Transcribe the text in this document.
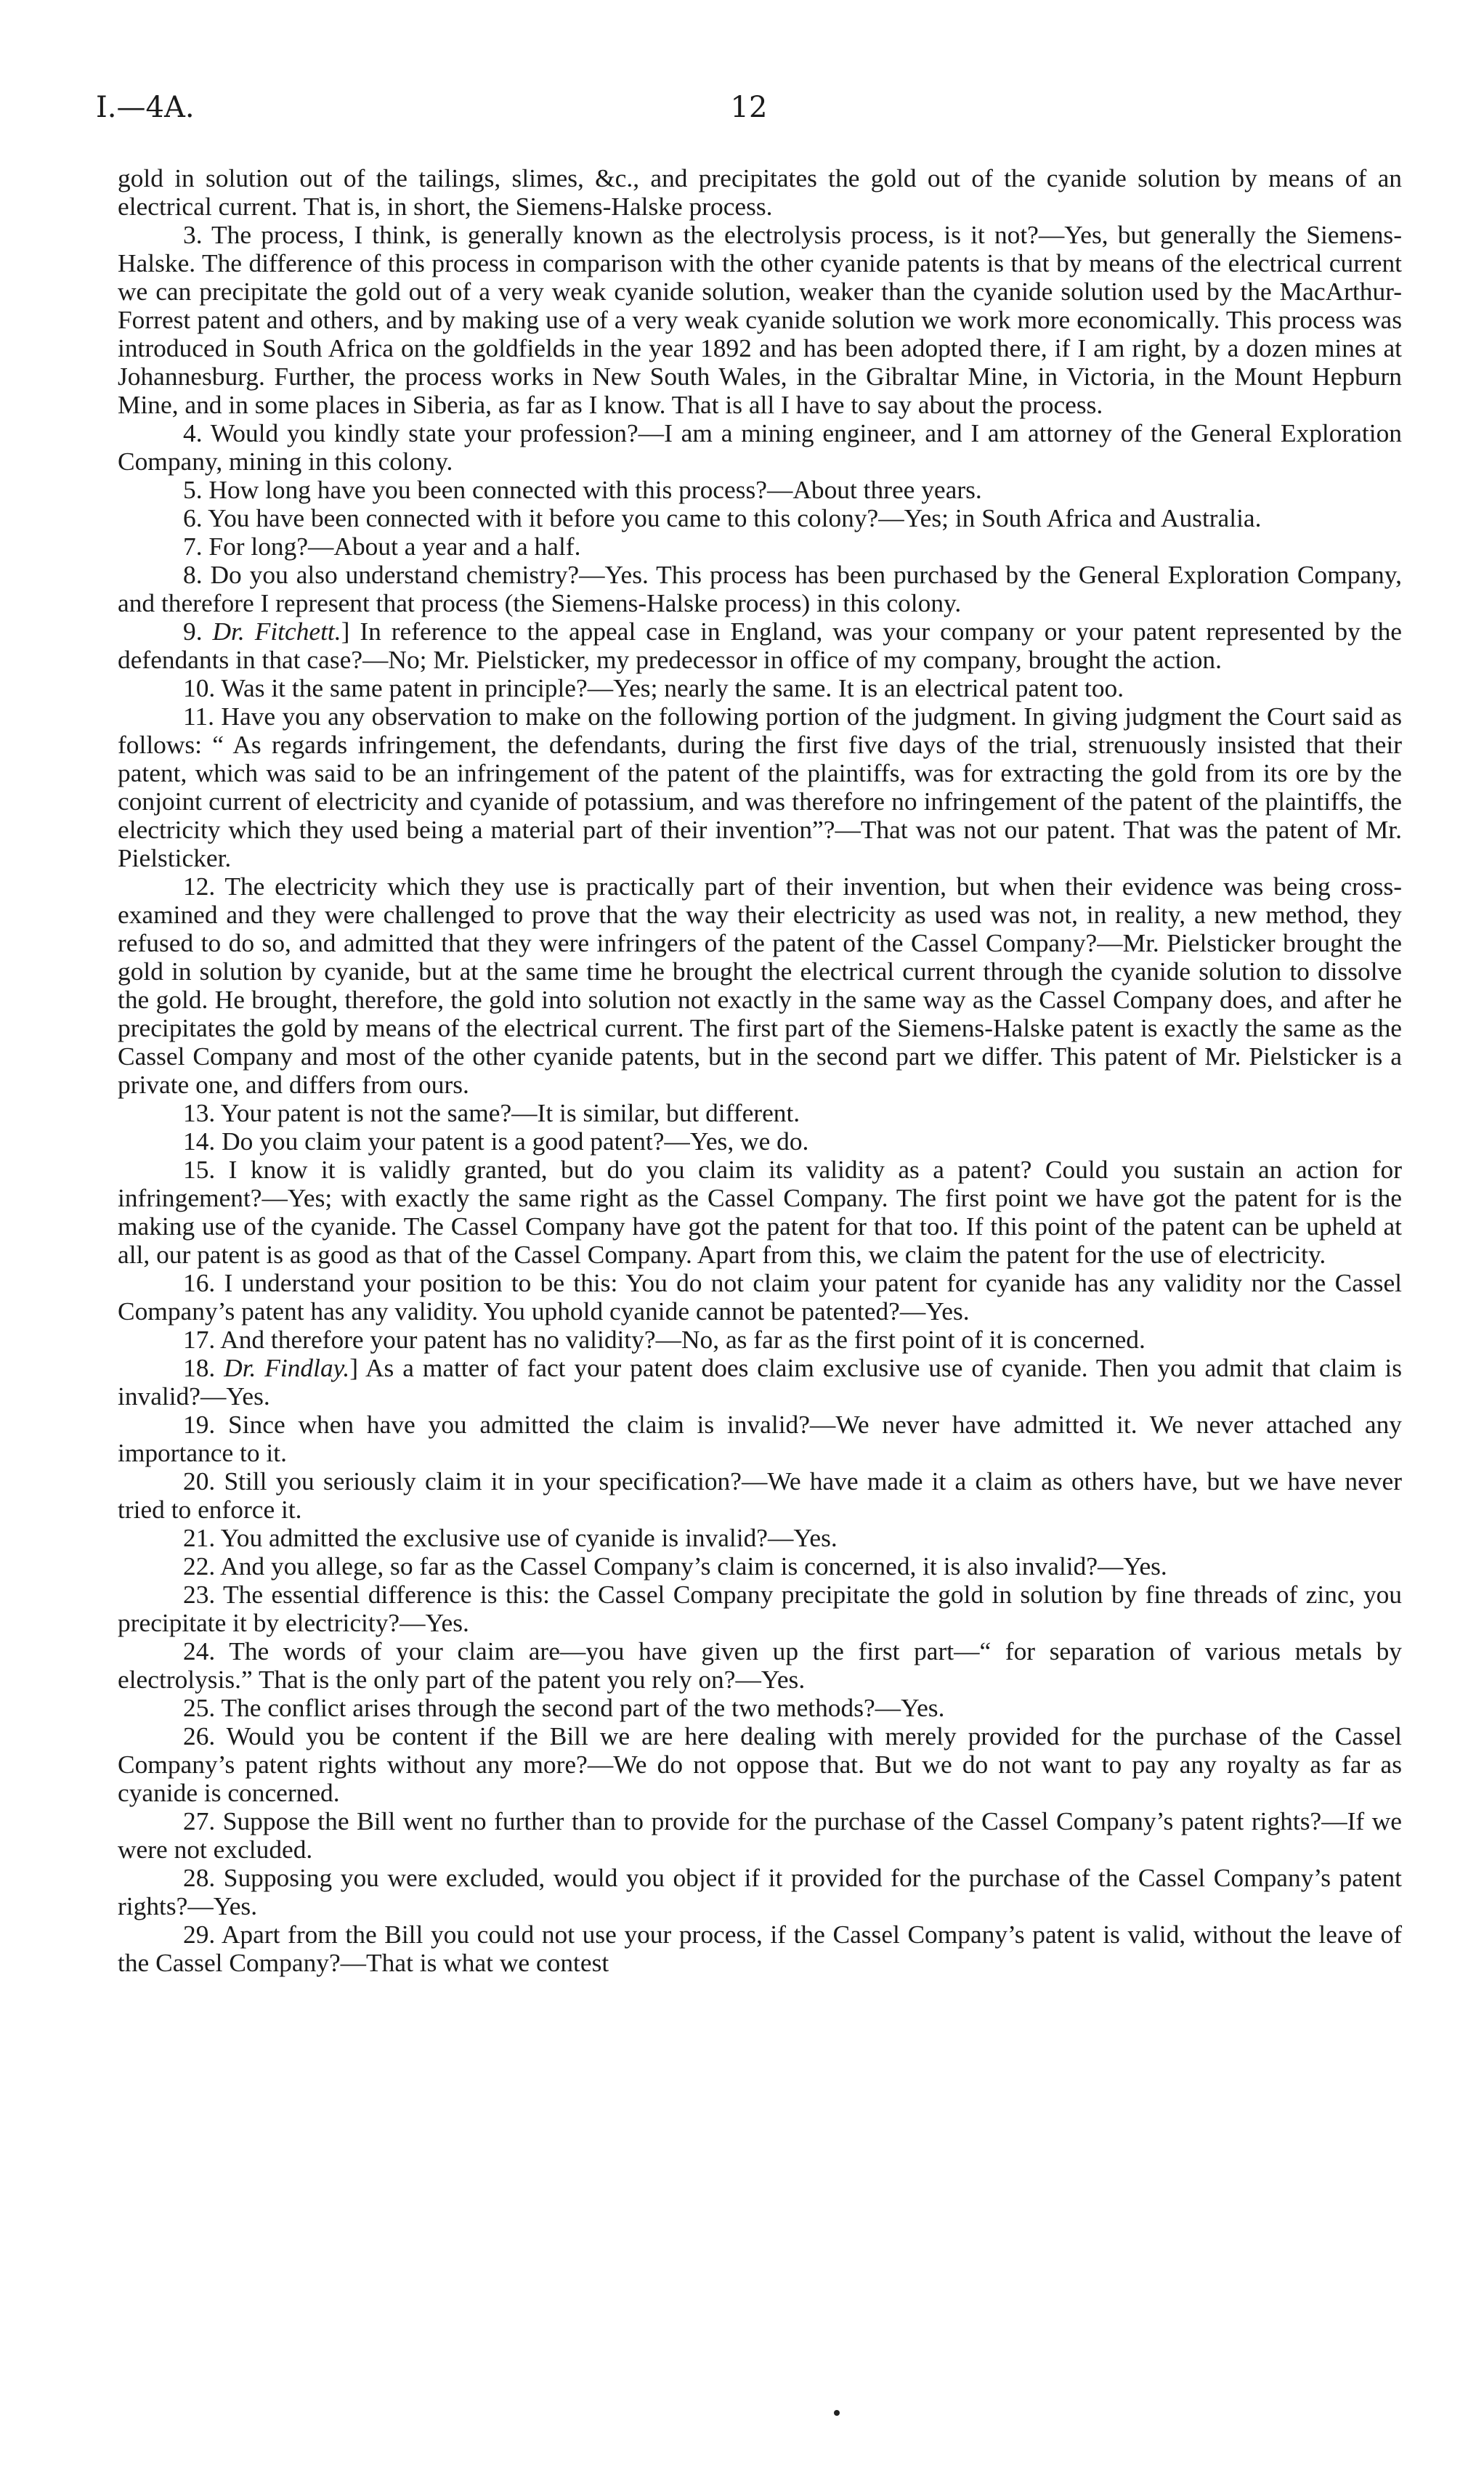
I.—4A.	12

gold in solution out of the tailings, slimes, &c., and precipitates the gold out of the cyanide solution by means of an electrical current. That is, in short, the Siemens-Halske process.

3. The process, I think, is generally known as the electrolysis process, is it not?—Yes, but generally the Siemens-Halske. The difference of this process in comparison with the other cyanide patents is that by means of the electrical current we can precipitate the gold out of a very weak cyanide solution, weaker than the cyanide solution used by the MacArthur-Forrest patent and others, and by making use of a very weak cyanide solution we work more economically. This process was introduced in South Africa on the goldfields in the year 1892 and has been adopted there, if I am right, by a dozen mines at Johannesburg. Further, the process works in New South Wales, in the Gibraltar Mine, in Victoria, in the Mount Hepburn Mine, and in some places in Siberia, as far as I know. That is all I have to say about the process.

4. Would you kindly state your profession?—I am a mining engineer, and I am attorney of the General Exploration Company, mining in this colony.

5. How long have you been connected with this process?—About three years.

6. You have been connected with it before you came to this colony?—Yes; in South Africa and Australia.

7. For long?—About a year and a half.

8. Do you also understand chemistry?—Yes. This process has been purchased by the General Exploration Company, and therefore I represent that process (the Siemens-Halske process) in this colony.

9. Dr. Fitchett.] In reference to the appeal case in England, was your company or your patent represented by the defendants in that case?—No; Mr. Pielsticker, my predecessor in office of my company, brought the action.

10. Was it the same patent in principle?—Yes; nearly the same. It is an electrical patent too.

11. Have you any observation to make on the following portion of the judgment. In giving judgment the Court said as follows: “ As regards infringement, the defendants, during the first five days of the trial, strenuously insisted that their patent, which was said to be an infringement of the patent of the plaintiffs, was for extracting the gold from its ore by the conjoint current of electricity and cyanide of potassium, and was therefore no infringement of the patent of the plaintiffs, the electricity which they used being a material part of their invention”?—That was not our patent. That was the patent of Mr. Pielsticker.

12. The electricity which they use is practically part of their invention, but when their evidence was being cross-examined and they were challenged to prove that the way their electricity as used was not, in reality, a new method, they refused to do so, and admitted that they were infringers of the patent of the Cassel Company?—Mr. Pielsticker brought the gold in solution by cyanide, but at the same time he brought the electrical current through the cyanide solution to dissolve the gold. He brought, therefore, the gold into solution not exactly in the same way as the Cassel Company does, and after he precipitates the gold by means of the electrical current. The first part of the Siemens-Halske patent is exactly the same as the Cassel Company and most of the other cyanide patents, but in the second part we differ. This patent of Mr. Pielsticker is a private one, and differs from ours.

13. Your patent is not the same?—It is similar, but different.

14. Do you claim your patent is a good patent?—Yes, we do.

15. I know it is validly granted, but do you claim its validity as a patent? Could you sustain an action for infringement?—Yes; with exactly the same right as the Cassel Company. The first point we have got the patent for is the making use of the cyanide. The Cassel Company have got the patent for that too. If this point of the patent can be upheld at all, our patent is as good as that of the Cassel Company. Apart from this, we claim the patent for the use of electricity.

16. I understand your position to be this: You do not claim your patent for cyanide has any validity nor the Cassel Company’s patent has any validity. You uphold cyanide cannot be patented?—Yes.

17. And therefore your patent has no validity?—No, as far as the first point of it is concerned.

18. Dr. Findlay.] As a matter of fact your patent does claim exclusive use of cyanide. Then you admit that claim is invalid?—Yes.

19. Since when have you admitted the claim is invalid?—We never have admitted it. We never attached any importance to it.

20. Still you seriously claim it in your specification?—We have made it a claim as others have, but we have never tried to enforce it.

21. You admitted the exclusive use of cyanide is invalid?—Yes.

22. And you allege, so far as the Cassel Company’s claim is concerned, it is also invalid?—Yes.

23. The essential difference is this: the Cassel Company precipitate the gold in solution by fine threads of zinc, you precipitate it by electricity?—Yes.

24. The words of your claim are—you have given up the first part—“ for separation of various metals by electrolysis.” That is the only part of the patent you rely on?—Yes.

25. The conflict arises through the second part of the two methods?—Yes.

26. Would you be content if the Bill we are here dealing with merely provided for the purchase of the Cassel Company’s patent rights without any more?—We do not oppose that. But we do not want to pay any royalty as far as cyanide is concerned.

27. Suppose the Bill went no further than to provide for the purchase of the Cassel Company’s patent rights?—If we were not excluded.

28. Supposing you were excluded, would you object if it provided for the purchase of the Cassel Company’s patent rights?—Yes.

29. Apart from the Bill you could not use your process, if the Cassel Company’s patent is valid, without the leave of the Cassel Company?—That is what we contest
